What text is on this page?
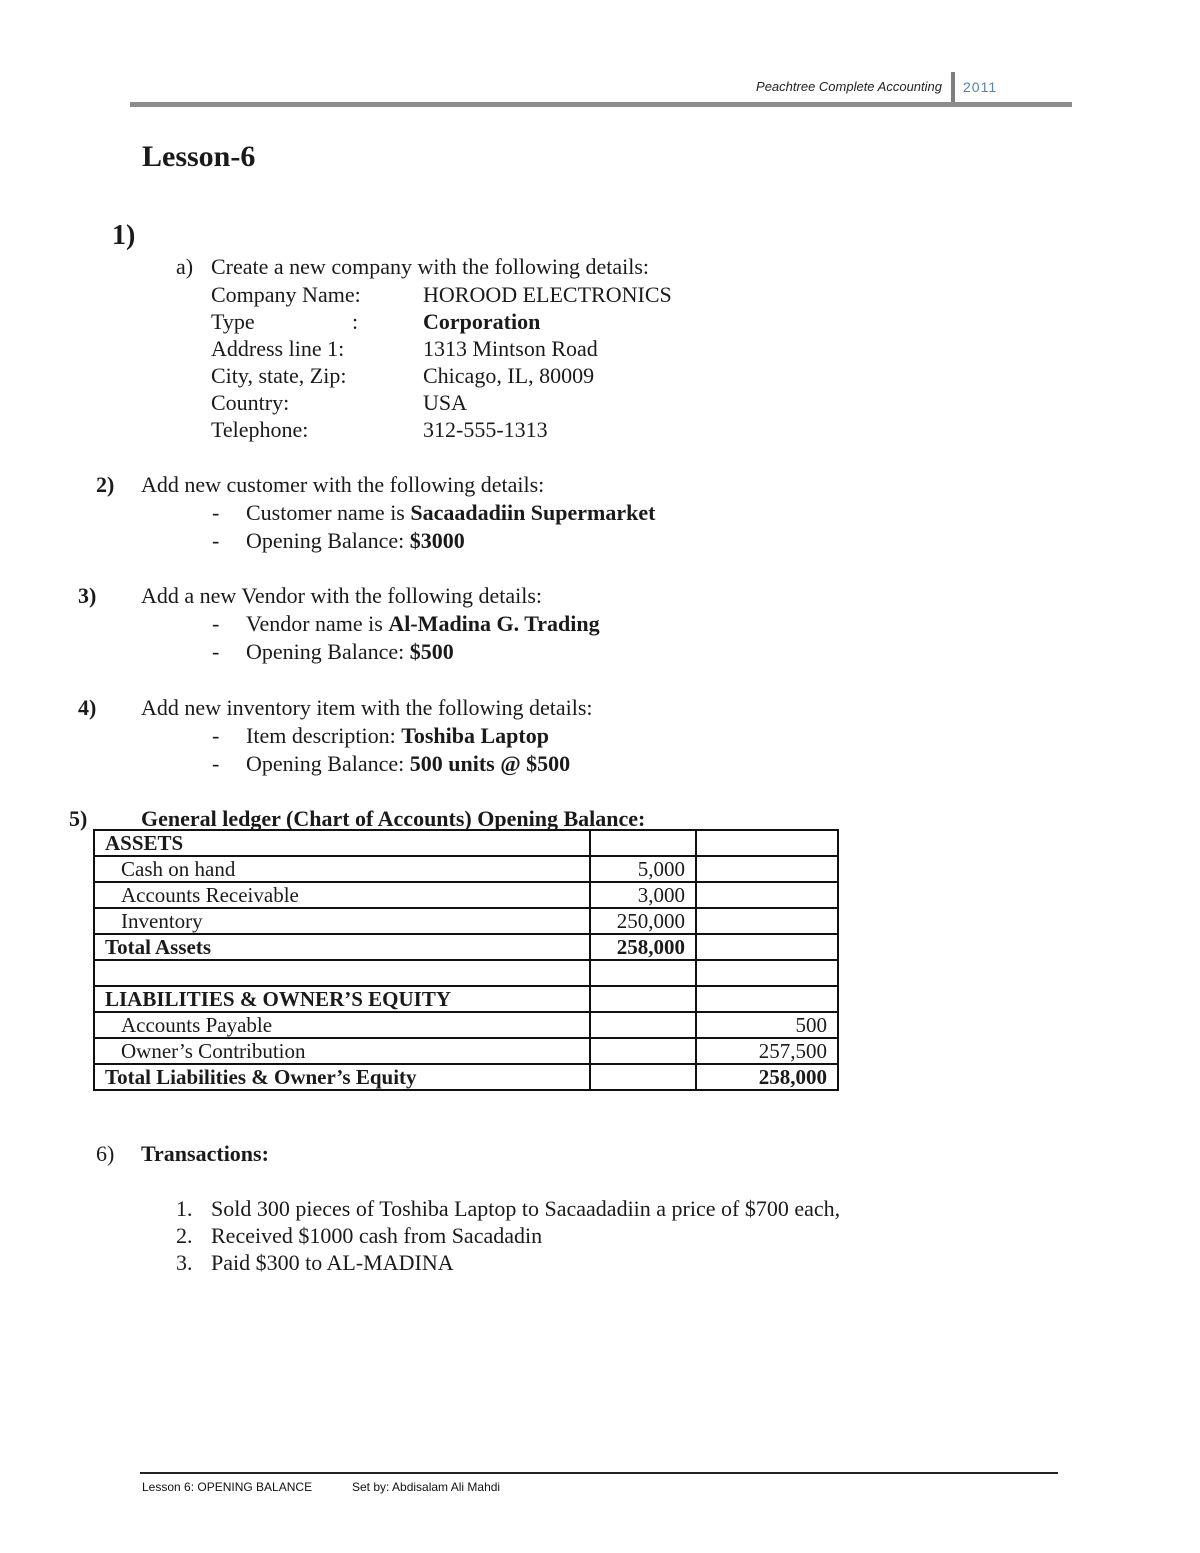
Peachtree Complete Accounting 2011
Lesson-6
1)
a) Create a new company with the following details:
Company Name:	HOROOD ELECTRONICS
Type	:	Corporation
Address line 1:	1313 Mintson Road
City, state, Zip:	Chicago, IL, 80009
Country:	USA
Telephone:	312-555-1313
2) Add new customer with the following details:
- Customer name is Sacaadadiin Supermarket
- Opening Balance: $3000
3) Add a new Vendor with the following details:
- Vendor name is Al-Madina G. Trading
- Opening Balance: $500
4) Add new inventory item with the following details:
- Item description: Toshiba Laptop
- Opening Balance: 500 units @ $500
5) General ledger (Chart of Accounts) Opening Balance:
ASSETS		
Cash on hand	5,000	
Accounts Receivable	3,000	
Inventory	250,000	
Total Assets	258,000	

LIABILITIES & OWNER’S EQUITY		
Accounts Payable		500
Owner’s Contribution		257,500
Total Liabilities & Owner’s Equity		258,000
6) Transactions:
1. Sold 300 pieces of Toshiba Laptop to Sacaadadiin a price of $700 each,
2. Received $1000 cash from Sacadadin
3. Paid $300 to AL-MADINA
Lesson 6: OPENING BALANCE	Set by: Abdisalam Ali Mahdi
